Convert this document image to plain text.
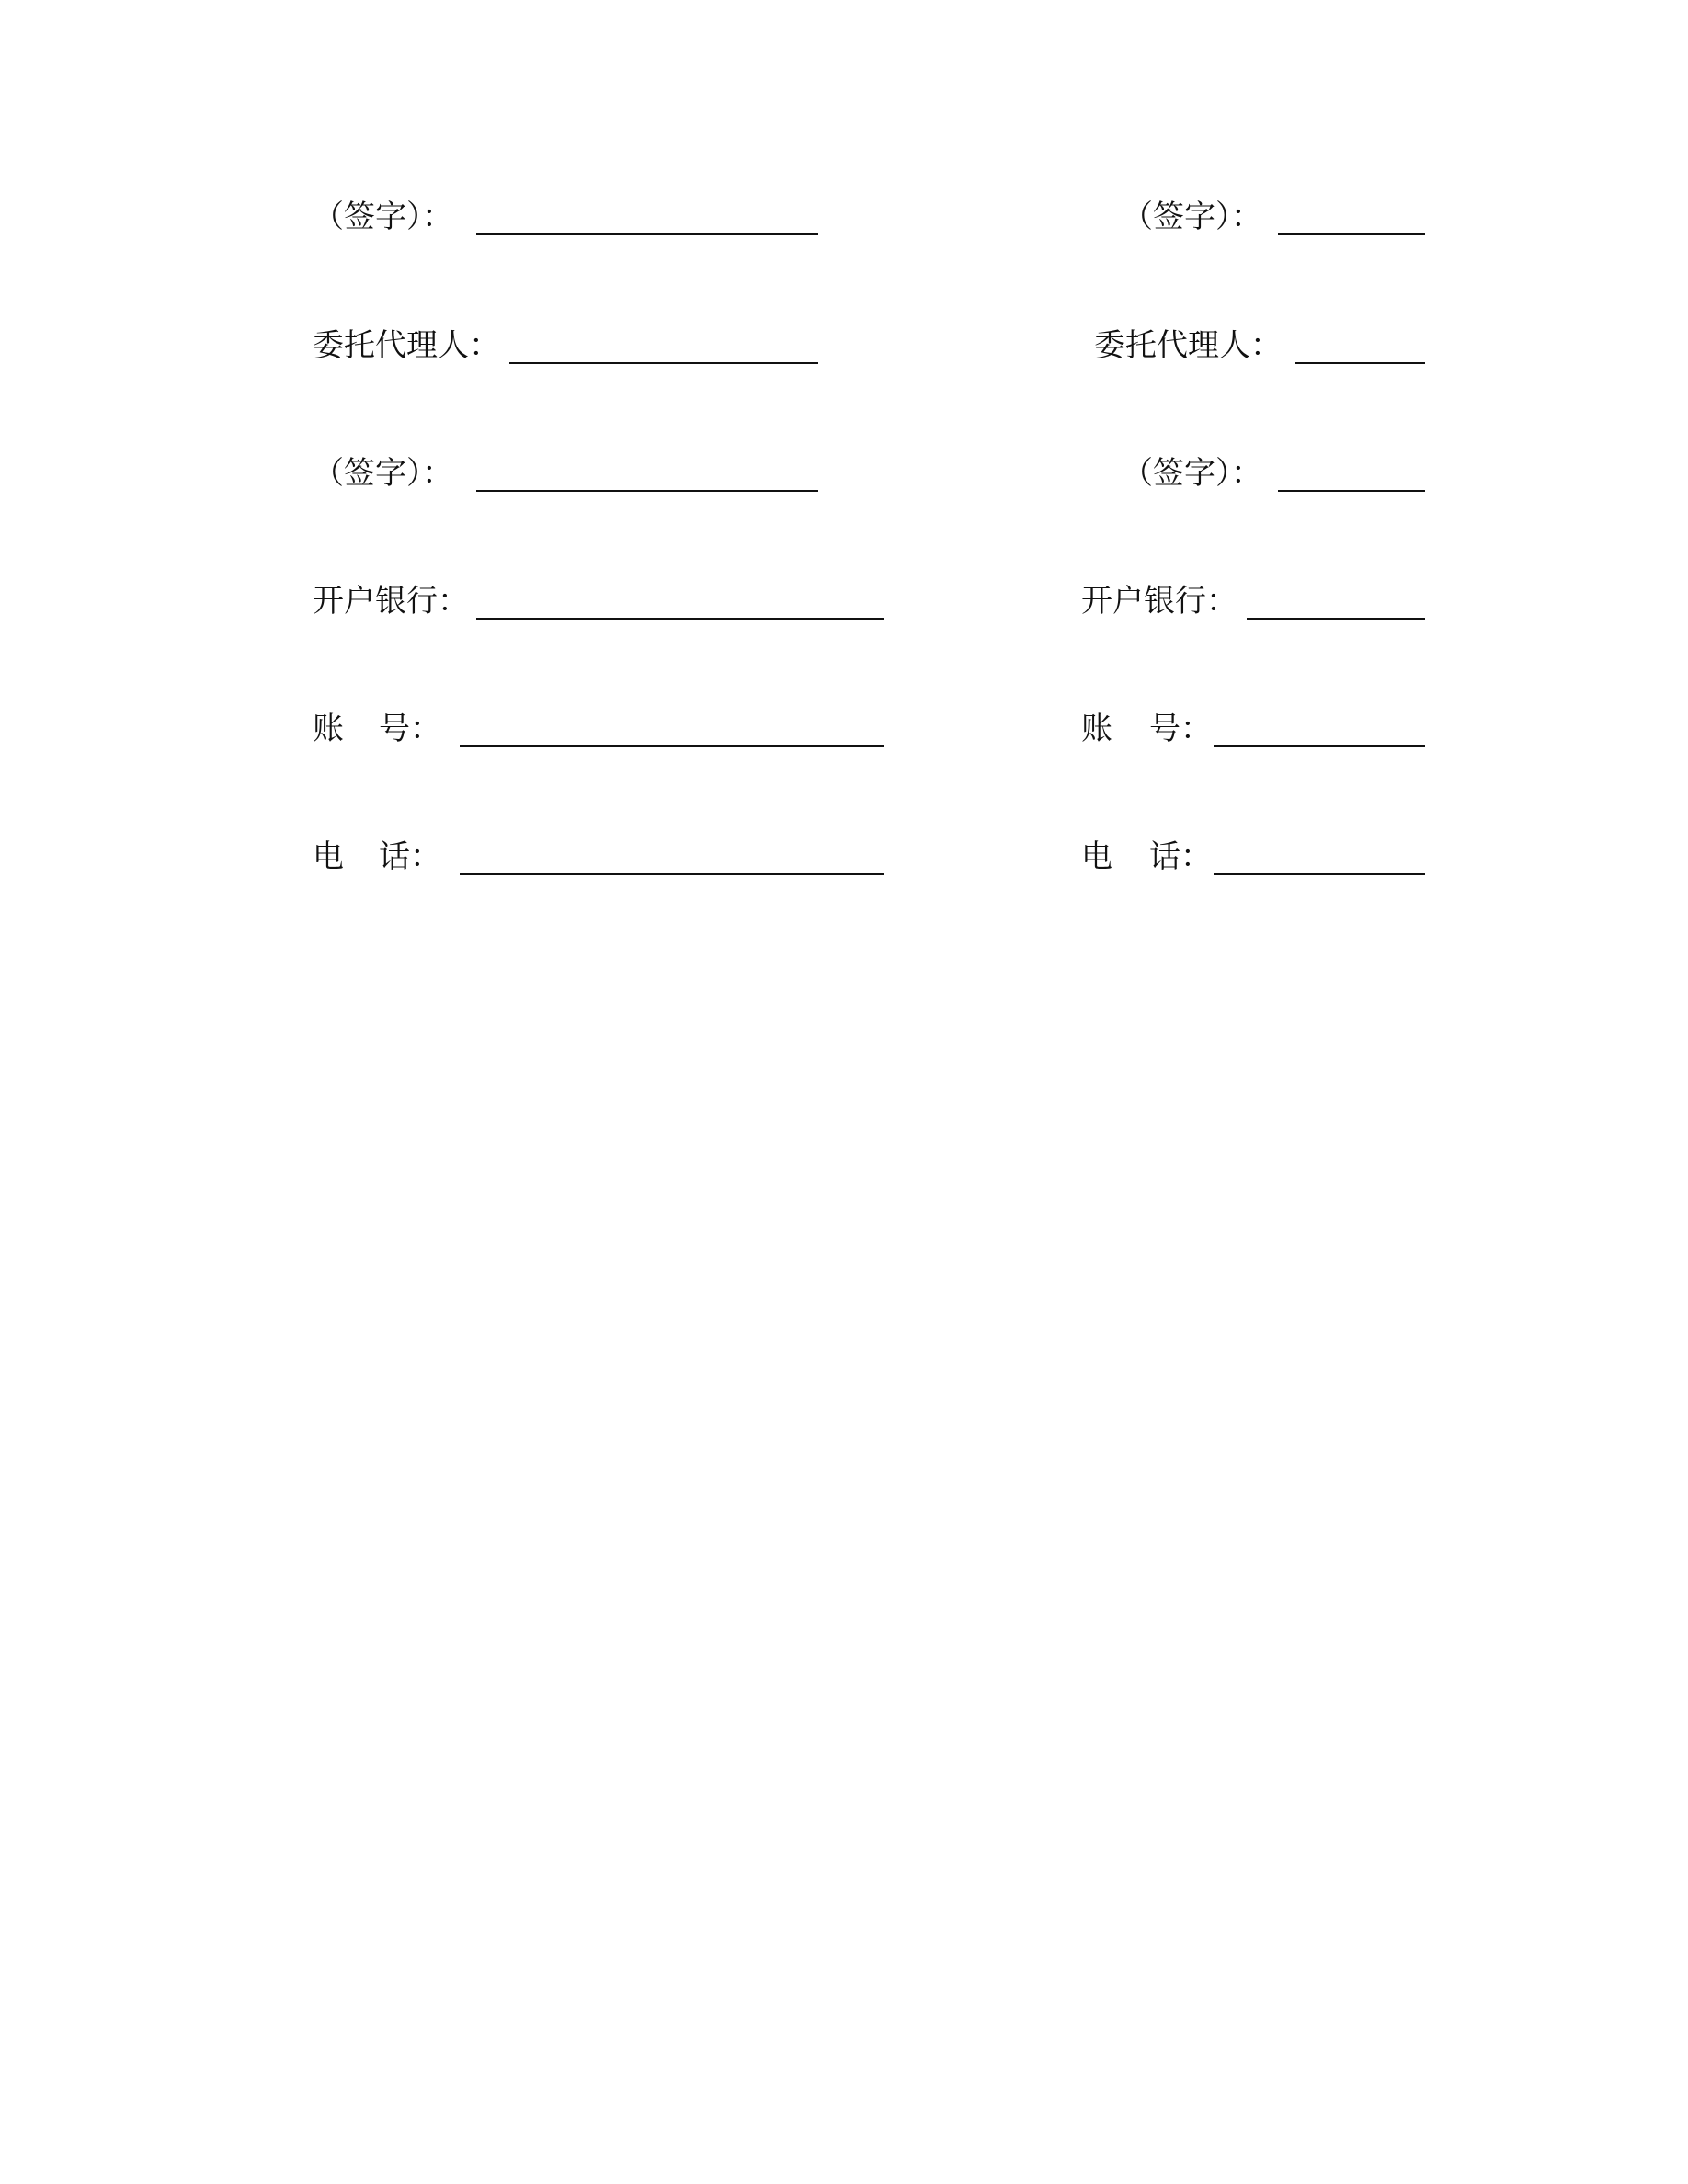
（签字）：	（签字）：
委托代理人：	委托代理人：
（签字）：	（签字）：
开户银行：	开户银行：
账 号：	账 号：
电 话：	电 话：
